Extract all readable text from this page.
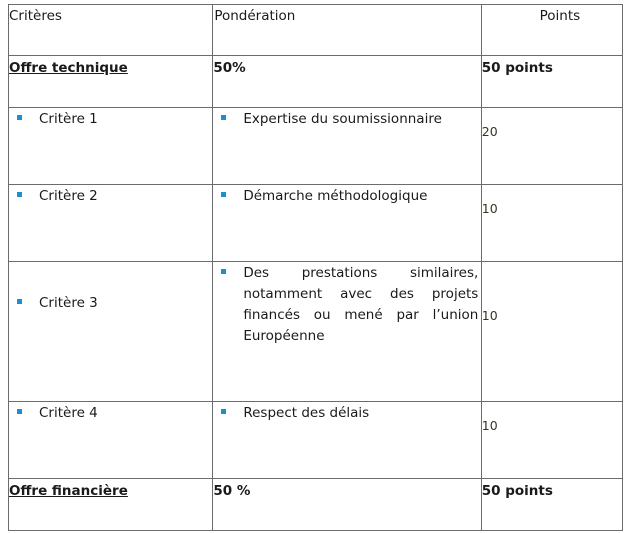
Critères	Pondération	Points

Offre technique	50%	50 points

Critère 1	Expertise du soumissionnaire	20

Critère 2	Démarche méthodologique	10

Critère 3	Des prestations similaires, notamment avec des projets financés ou mené par l’union Européenne	10

Critère 4	Respect des délais	10

Offre financière	50 %	50 points
